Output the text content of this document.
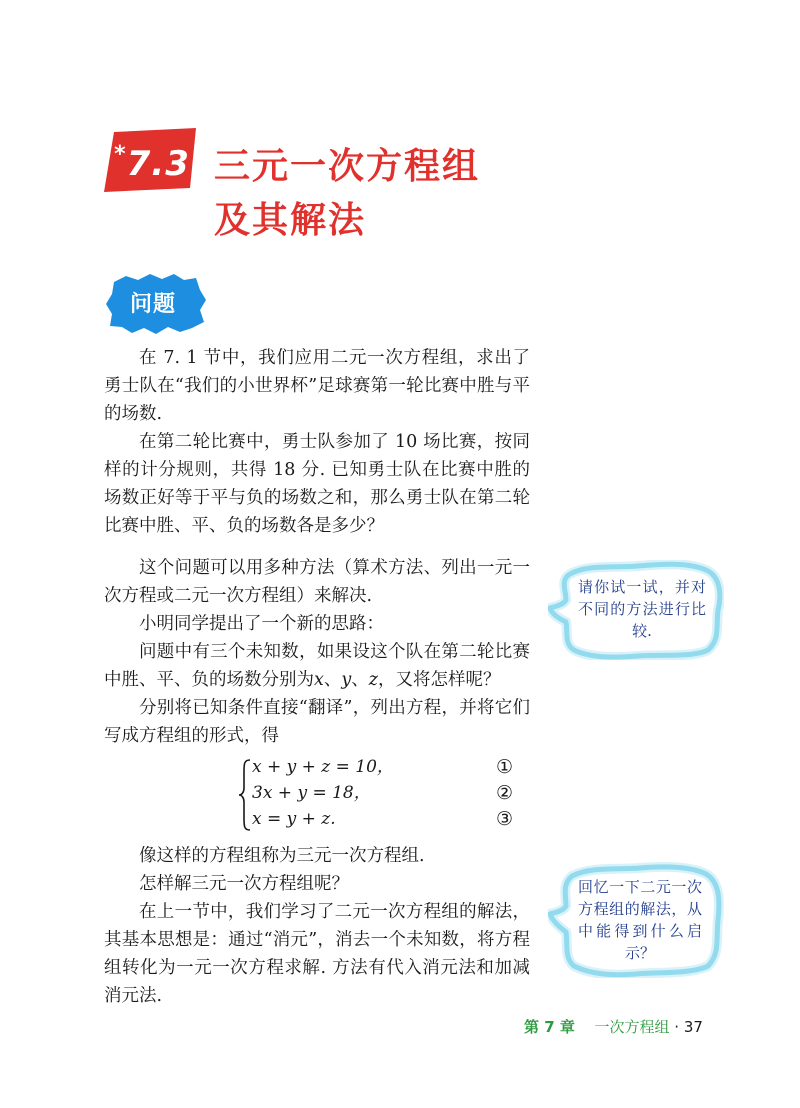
*7.3 三元一次方程组
及其解法
问题
在 7. 1 节中，我们应用二元一次方程组，求出了勇士队在“我们的小世界杯”足球赛第一轮比赛中胜与平的场数.
在第二轮比赛中，勇士队参加了 10 场比赛，按同样的计分规则，共得 18 分. 已知勇士队在比赛中胜的场数正好等于平与负的场数之和，那么勇士队在第二轮比赛中胜、平、负的场数各是多少？
这个问题可以用多种方法（算术方法、列出一元一次方程或二元一次方程组）来解决.
小明同学提出了一个新的思路：
问题中有三个未知数，如果设这个队在第二轮比赛中胜、平、负的场数分别为x、y、z，又将怎样呢？
分别将已知条件直接“翻译”，列出方程，并将它们写成方程组的形式，得
x + y + z = 10，
3x + y = 18，
x = y + z.
①
②
③
像这样的方程组称为三元一次方程组.
怎样解三元一次方程组呢？
在上一节中，我们学习了二元一次方程组的解法，其基本思想是：通过“消元”，消去一个未知数，将方程组转化为一元一次方程求解. 方法有代入消元法和加减消元法.
请你试一试，并对不同的方法进行比较.
回忆一下二元一次方程组的解法，从中能得到什么启示？
第 7 章 一次方程组 · 37
